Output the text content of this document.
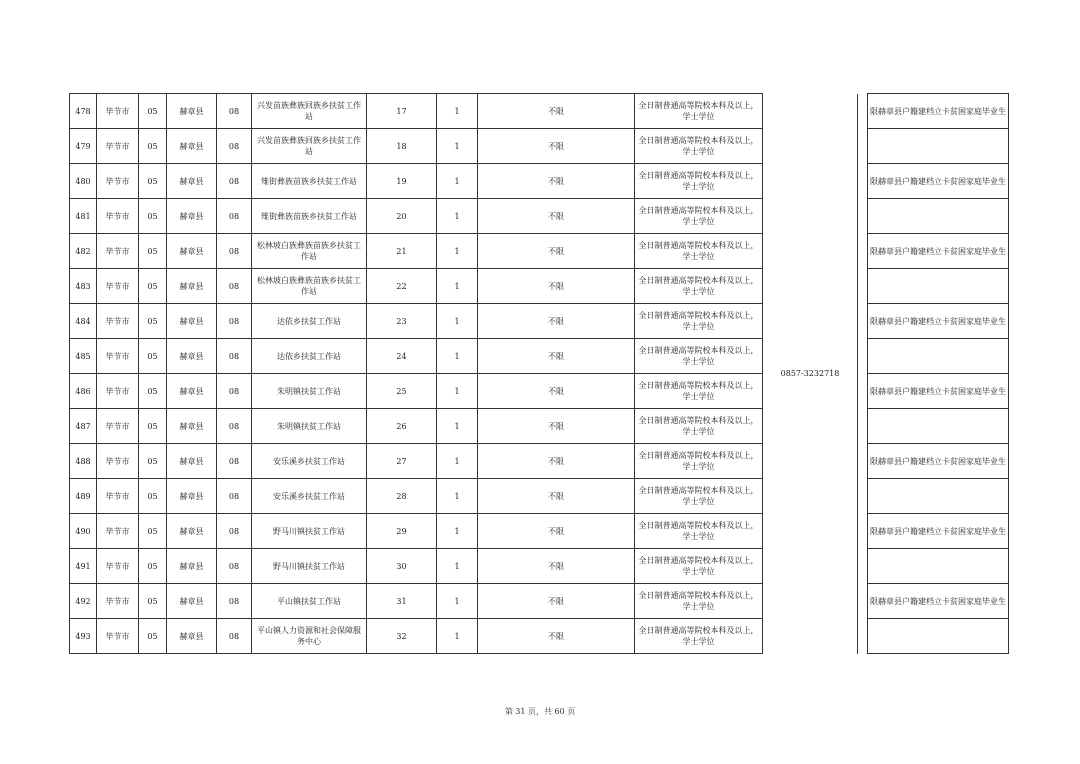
478	毕节市	05	赫章县	08	兴发苗族彝族回族乡扶贫工作站	17	1	不限	全日制普通高等院校本科及以上，学士学位	0857-3232718		限赫章县户籍建档立卡贫困家庭毕业生
479	毕节市	05	赫章县	08	兴发苗族彝族回族乡扶贫工作站	18	1	不限	全日制普通高等院校本科及以上，学士学位			
480	毕节市	05	赫章县	08	雉街彝族苗族乡扶贫工作站	19	1	不限	全日制普通高等院校本科及以上，学士学位			限赫章县户籍建档立卡贫困家庭毕业生
481	毕节市	05	赫章县	08	雉街彝族苗族乡扶贫工作站	20	1	不限	全日制普通高等院校本科及以上，学士学位			
482	毕节市	05	赫章县	08	松林坡白族彝族苗族乡扶贫工作站	21	1	不限	全日制普通高等院校本科及以上，学士学位			限赫章县户籍建档立卡贫困家庭毕业生
483	毕节市	05	赫章县	08	松林坡白族彝族苗族乡扶贫工作站	22	1	不限	全日制普通高等院校本科及以上，学士学位			
484	毕节市	05	赫章县	08	达依乡扶贫工作站	23	1	不限	全日制普通高等院校本科及以上，学士学位			限赫章县户籍建档立卡贫困家庭毕业生
485	毕节市	05	赫章县	08	达依乡扶贫工作站	24	1	不限	全日制普通高等院校本科及以上，学士学位			
486	毕节市	05	赫章县	08	朱明镇扶贫工作站	25	1	不限	全日制普通高等院校本科及以上，学士学位			限赫章县户籍建档立卡贫困家庭毕业生
487	毕节市	05	赫章县	08	朱明镇扶贫工作站	26	1	不限	全日制普通高等院校本科及以上，学士学位			
488	毕节市	05	赫章县	08	安乐溪乡扶贫工作站	27	1	不限	全日制普通高等院校本科及以上，学士学位			限赫章县户籍建档立卡贫困家庭毕业生
489	毕节市	05	赫章县	08	安乐溪乡扶贫工作站	28	1	不限	全日制普通高等院校本科及以上，学士学位			
490	毕节市	05	赫章县	08	野马川镇扶贫工作站	29	1	不限	全日制普通高等院校本科及以上，学士学位			限赫章县户籍建档立卡贫困家庭毕业生
491	毕节市	05	赫章县	08	野马川镇扶贫工作站	30	1	不限	全日制普通高等院校本科及以上，学士学位			
492	毕节市	05	赫章县	08	平山镇扶贫工作站	31	1	不限	全日制普通高等院校本科及以上，学士学位			限赫章县户籍建档立卡贫困家庭毕业生
493	毕节市	05	赫章县	08	平山镇人力资源和社会保障服务中心	32	1	不限	全日制普通高等院校本科及以上，学士学位			
第 31 页，共 60 页
